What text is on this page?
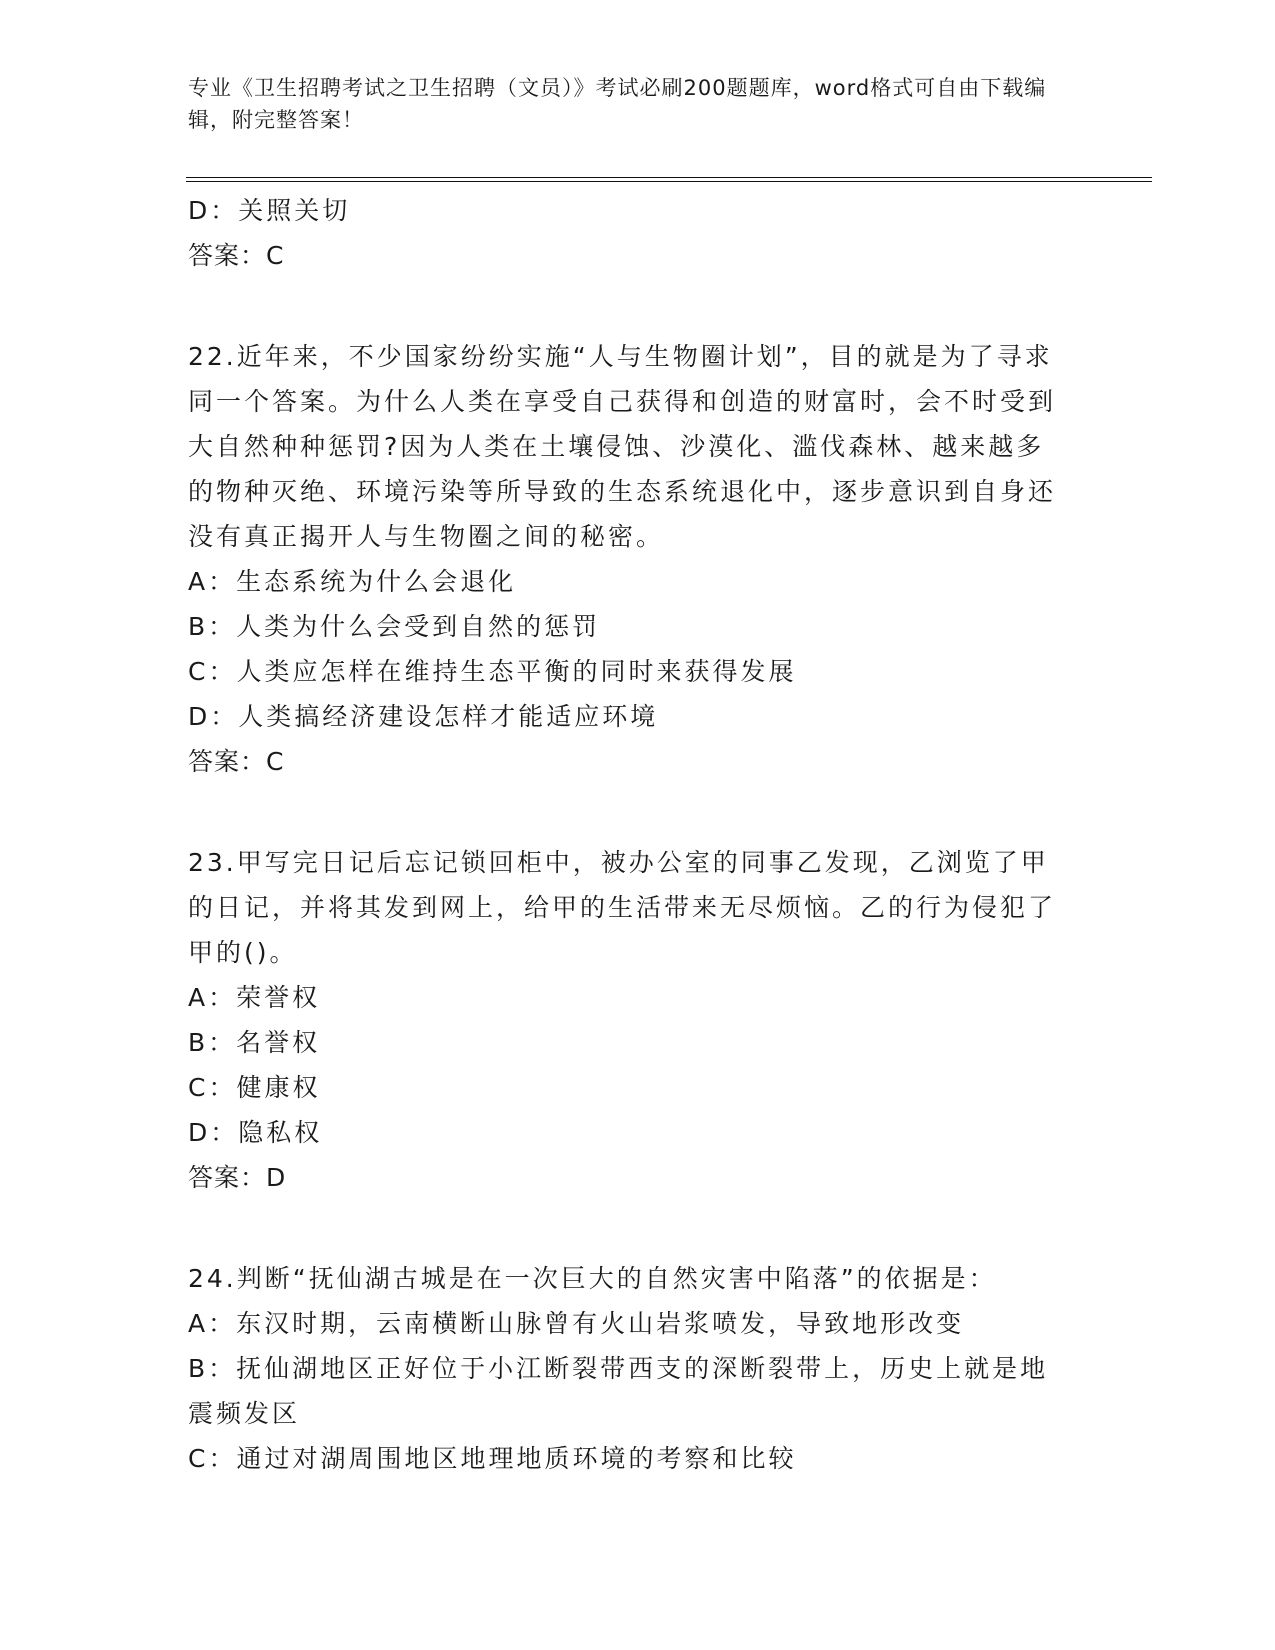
专业《卫生招聘考试之卫生招聘（文员）》考试必刷200题题库，word格式可自由下载编辑，附完整答案！
D：关照关切
答案：C
22.近年来，不少国家纷纷实施“人与生物圈计划”，目的就是为了寻求同一个答案。为什么人类在享受自己获得和创造的财富时，会不时受到大自然种种惩罚?因为人类在土壤侵蚀、沙漠化、滥伐森林、越来越多的物种灭绝、环境污染等所导致的生态系统退化中，逐步意识到自身还没有真正揭开人与生物圈之间的秘密。
A：生态系统为什么会退化
B：人类为什么会受到自然的惩罚
C：人类应怎样在维持生态平衡的同时来获得发展
D：人类搞经济建设怎样才能适应环境
答案：C
23.甲写完日记后忘记锁回柜中，被办公室的同事乙发现，乙浏览了甲的日记，并将其发到网上，给甲的生活带来无尽烦恼。乙的行为侵犯了甲的()。
A：荣誉权
B：名誉权
C：健康权
D：隐私权
答案：D
24.判断“抚仙湖古城是在一次巨大的自然灾害中陷落”的依据是：
A：东汉时期，云南横断山脉曾有火山岩浆喷发，导致地形改变
B：抚仙湖地区正好位于小江断裂带西支的深断裂带上，历史上就是地震频发区
C：通过对湖周围地区地理地质环境的考察和比较
